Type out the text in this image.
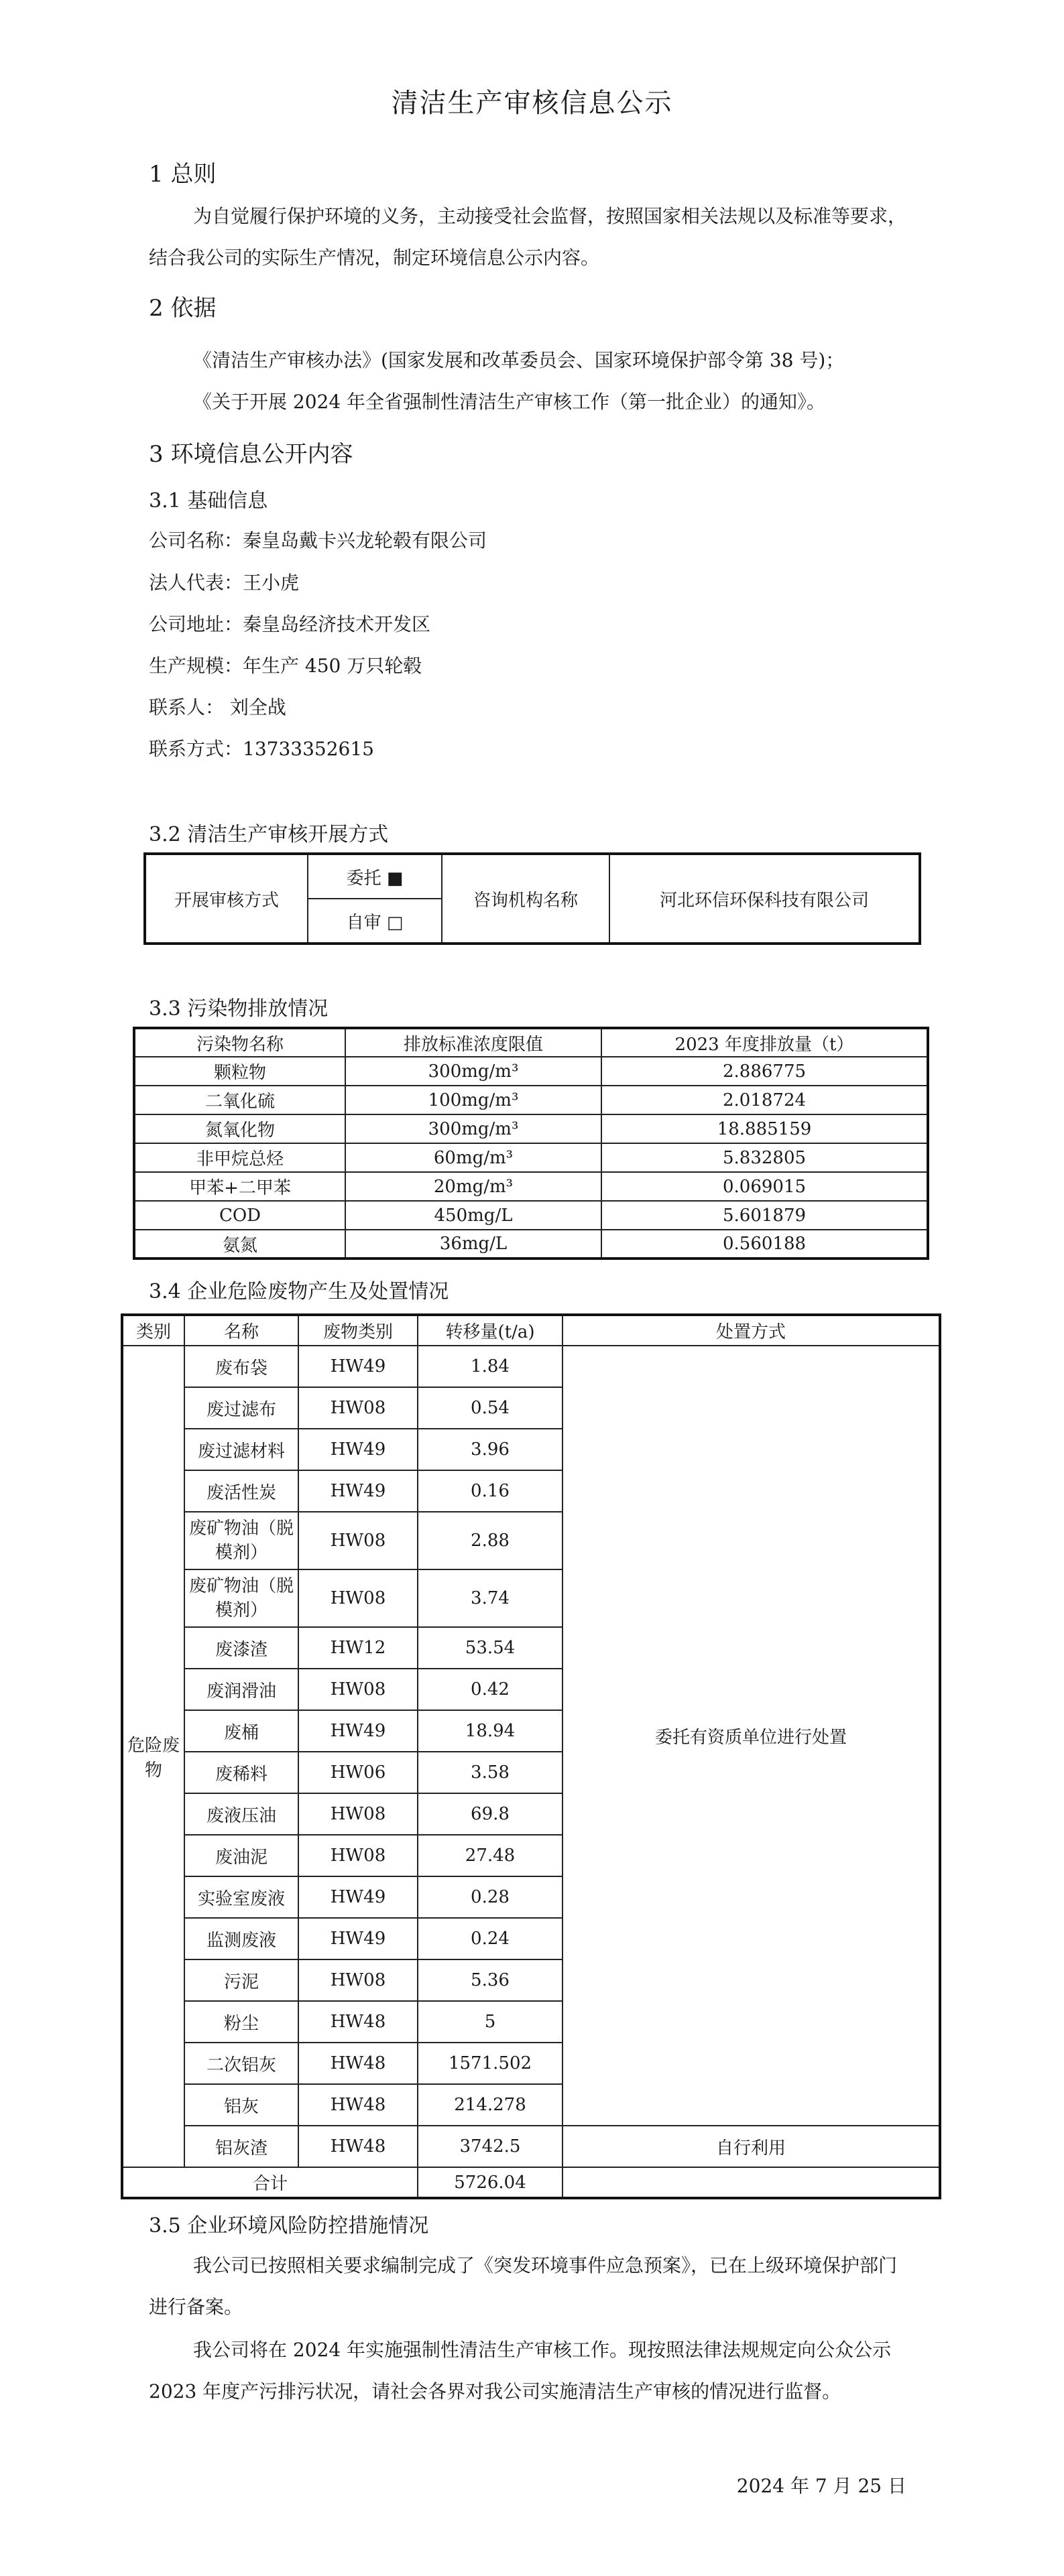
清洁生产审核信息公示
1 总则
为自觉履行保护环境的义务，主动接受社会监督，按照国家相关法规以及标准等要求，结合我公司的实际生产情况，制定环境信息公示内容。
2 依据
《清洁生产审核办法》(国家发展和改革委员会、国家环境保护部令第 38 号)；
《关于开展 2024 年全省强制性清洁生产审核工作（第一批企业）的通知》。
3 环境信息公开内容
3.1 基础信息
公司名称：秦皇岛戴卡兴龙轮毂有限公司
法人代表：王小虎
公司地址：秦皇岛经济技术开发区
生产规模：年生产 450 万只轮毂
联系人： 刘全战
联系方式：13733352615
3.2 清洁生产审核开展方式
开展审核方式	委托 ■	咨询机构名称	河北环信环保科技有限公司
自审 □
3.3 污染物排放情况
污染物名称	排放标准浓度限值	2023 年度排放量（t）
颗粒物	300mg/m³	2.886775
二氧化硫	100mg/m³	2.018724
氮氧化物	300mg/m³	18.885159
非甲烷总烃	60mg/m³	5.832805
甲苯+二甲苯	20mg/m³	0.069015
COD	450mg/L	5.601879
氨氮	36mg/L	0.560188
3.4 企业危险废物产生及处置情况
类别	名称	废物类别	转移量(t/a)	处置方式
危险废物	废布袋	HW49	1.84	委托有资质单位进行处置
	废过滤布	HW08	0.54	
	废过滤材料	HW49	3.96	
	废活性炭	HW49	0.16	
	废矿物油（脱模剂）	HW08	2.88	
	废矿物油（脱模剂）	HW08	3.74	
	废漆渣	HW12	53.54	
	废润滑油	HW08	0.42	
	废桶	HW49	18.94	
	废稀料	HW06	3.58	
	废液压油	HW08	69.8	
	废油泥	HW08	27.48	
	实验室废液	HW49	0.28	
	监测废液	HW49	0.24	
	污泥	HW08	5.36	
	粉尘	HW48	5	
	二次铝灰	HW48	1571.502	
	铝灰	HW48	214.278	
	铝灰渣	HW48	3742.5	自行利用
合计			5726.04	
3.5 企业环境风险防控措施情况
我公司已按照相关要求编制完成了《突发环境事件应急预案》，已在上级环境保护部门进行备案。
我公司将在 2024 年实施强制性清洁生产审核工作。现按照法律法规规定向公众公示 2023 年度产污排污状况，请社会各界对我公司实施清洁生产审核的情况进行监督。
2024 年 7 月 25 日
